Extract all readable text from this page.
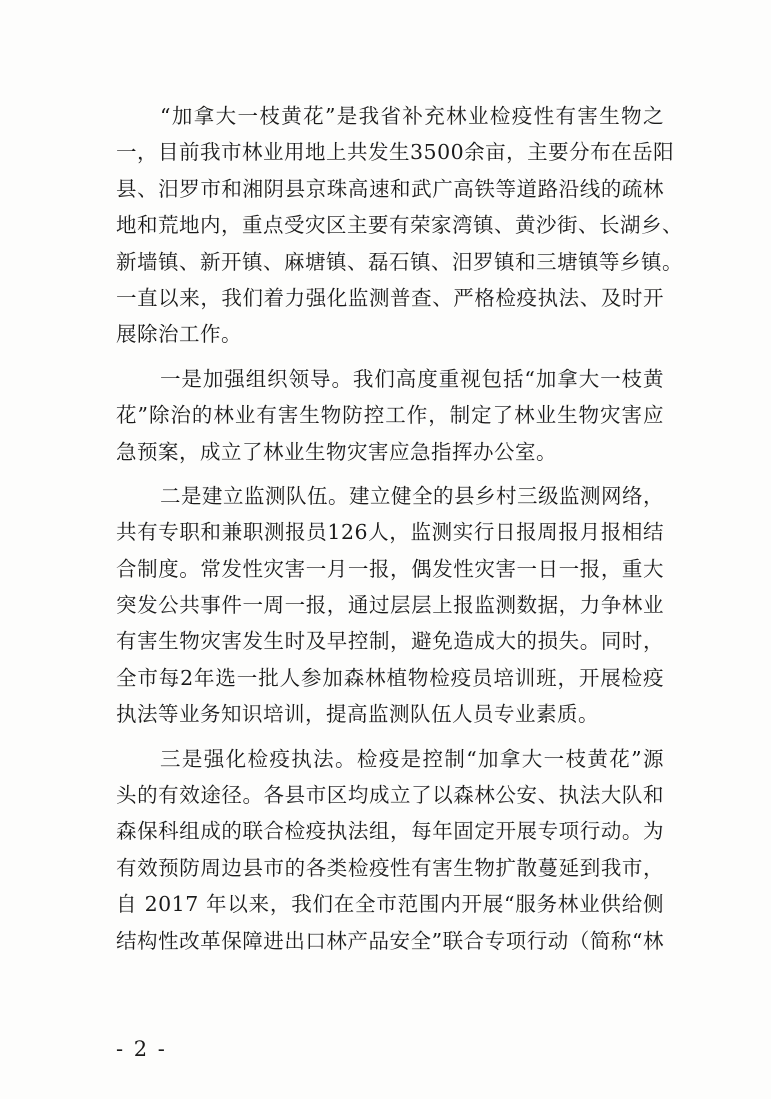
“加拿大一枝黄花”是我省补充林业检疫性有害生物之
一，目前我市林业用地上共发生3500余亩，主要分布在岳阳
县、汨罗市和湘阴县京珠高速和武广高铁等道路沿线的疏林
地和荒地内，重点受灾区主要有荣家湾镇、黄沙街、长湖乡、
新墙镇、新开镇、麻塘镇、磊石镇、汨罗镇和三塘镇等乡镇。
一直以来，我们着力强化监测普查、严格检疫执法、及时开
展除治工作。
一是加强组织领导。我们高度重视包括“加拿大一枝黄
花”除治的林业有害生物防控工作，制定了林业生物灾害应
急预案，成立了林业生物灾害应急指挥办公室。
二是建立监测队伍。建立健全的县乡村三级监测网络，
共有专职和兼职测报员126人，监测实行日报周报月报相结
合制度。常发性灾害一月一报，偶发性灾害一日一报，重大
突发公共事件一周一报，通过层层上报监测数据，力争林业
有害生物灾害发生时及早控制，避免造成大的损失。同时，
全市每2年选一批人参加森林植物检疫员培训班，开展检疫
执法等业务知识培训，提高监测队伍人员专业素质。
三是强化检疫执法。检疫是控制“加拿大一枝黄花”源
头的有效途径。各县市区均成立了以森林公安、执法大队和
森保科组成的联合检疫执法组，每年固定开展专项行动。为
有效预防周边县市的各类检疫性有害生物扩散蔓延到我市，
自 2017 年以来，我们在全市范围内开展“服务林业供给侧
结构性改革保障进出口林产品安全”联合专项行动（简称“林
- 2 -
